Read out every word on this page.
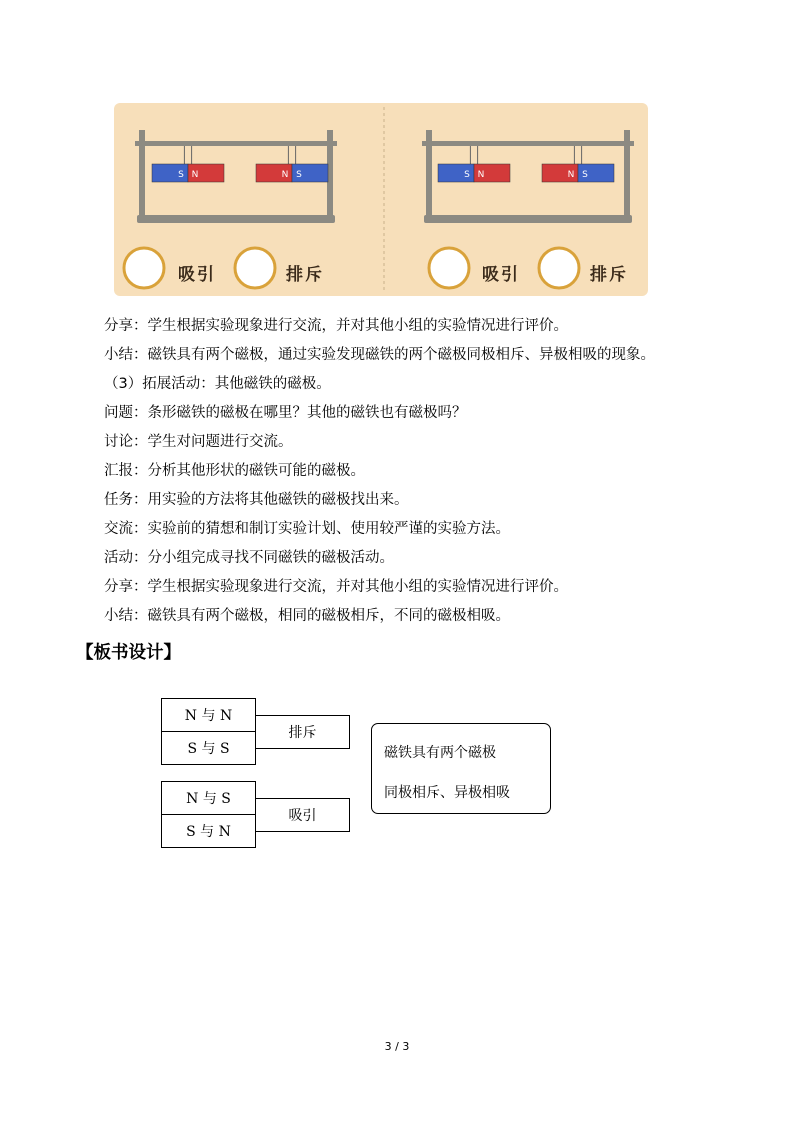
S N	N S	S N	N S
吸引	排斥	吸引	排斥
分享：学生根据实验现象进行交流，并对其他小组的实验情况进行评价。
小结：磁铁具有两个磁极，通过实验发现磁铁的两个磁极同极相斥、异极相吸的现象。
（3）拓展活动：其他磁铁的磁极。
问题：条形磁铁的磁极在哪里？其他的磁铁也有磁极吗？
讨论：学生对问题进行交流。
汇报：分析其他形状的磁铁可能的磁极。
任务：用实验的方法将其他磁铁的磁极找出来。
交流：实验前的猜想和制订实验计划、使用较严谨的实验方法。
活动：分小组完成寻找不同磁铁的磁极活动。
分享：学生根据实验现象进行交流，并对其他小组的实验情况进行评价。
小结：磁铁具有两个磁极，相同的磁极相斥，不同的磁极相吸。
【板书设计】
排斥
N 与 N
S 与 S
吸引
N 与 S
S 与 N
磁铁具有两个磁极
同极相斥、异极相吸
3 / 3
